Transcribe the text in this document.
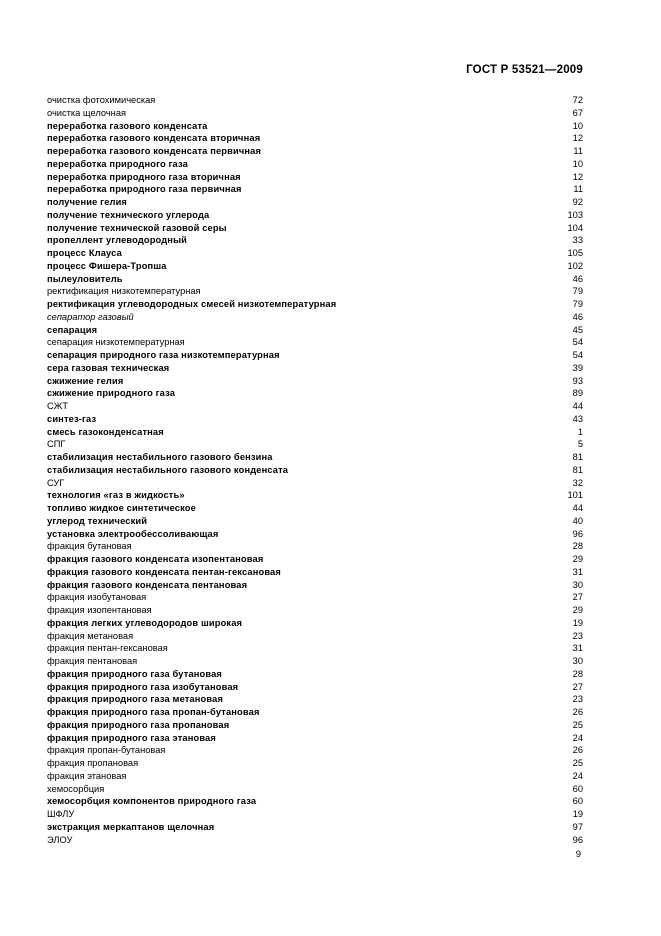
ГОСТ Р 53521—2009
очистка фотохимическая	72
очистка щелочная	67
переработка газового конденсата	10
переработка газового конденсата вторичная	12
переработка газового конденсата первичная	11
переработка природного газа	10
переработка природного газа вторичная	12
переработка природного газа первичная	11
получение гелия	92
получение технического углерода	103
получение технической газовой серы	104
пропеллент углеводородный	33
процесс Клауса	105
процесс Фишера-Тропша	102
пылеуловитель	46
ректификация низкотемпературная	79
ректификация углеводородных смесей низкотемпературная	79
сепаратор газовый	46
сепарация	45
сепарация низкотемпературная	54
сепарация природного газа низкотемпературная	54
сера газовая техническая	39
сжижение гелия	93
сжижение природного газа	89
СЖТ	44
синтез-газ	43
смесь газоконденсатная	1
СПГ	5
стабилизация нестабильного газового бензина	81
стабилизация нестабильного газового конденсата	81
СУГ	32
технология «газ в жидкость»	101
топливо жидкое синтетическое	44
углерод технический	40
установка электрообессоливающая	96
фракция бутановая	28
фракция газового конденсата изопентановая	29
фракция газового конденсата пентан-гексановая	31
фракция газового конденсата пентановая	30
фракция изобутановая	27
фракция изопентановая	29
фракция легких углеводородов широкая	19
фракция метановая	23
фракция пентан-гексановая	31
фракция пентановая	30
фракция природного газа бутановая	28
фракция природного газа изобутановая	27
фракция природного газа метановая	23
фракция природного газа пропан-бутановая	26
фракция природного газа пропановая	25
фракция природного газа этановая	24
фракция пропан-бутановая	26
фракция пропановая	25
фракция этановая	24
хемосорбция	60
хемосорбция компонентов природного газа	60
ШФЛУ	19
экстракция меркаптанов щелочная	97
ЭЛОУ	96
9
